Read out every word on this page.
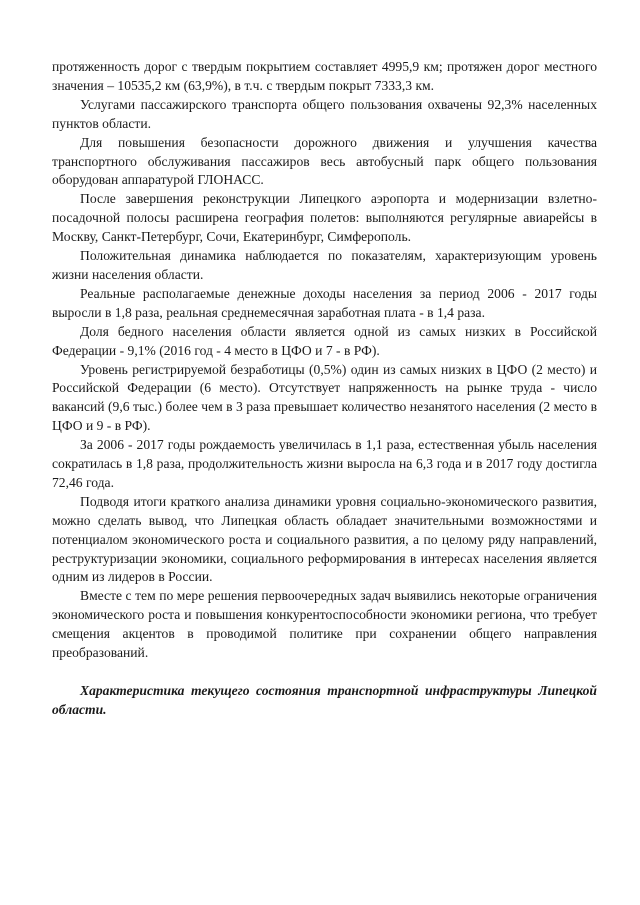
протяженность дорог с твердым покрытием составляет 4995,9 км; протяжен дорог местного значения – 10535,2 км (63,9%), в т.ч. с твердым покрыт 7333,3 км.

Услугами пассажирского транспорта общего пользования охвачены 92,3% населенных пунктов области.

Для повышения безопасности дорожного движения и улучшения качества транспортного обслуживания пассажиров весь автобусный парк общего пользования оборудован аппаратурой ГЛОНАСС.

После завершения реконструкции Липецкого аэропорта и модернизации взлетно-посадочной полосы расширена география полетов: выполняются регулярные авиарейсы в Москву, Санкт-Петербург, Сочи, Екатеринбург, Симферополь.

Положительная динамика наблюдается по показателям, характеризующим уровень жизни населения области.

Реальные располагаемые денежные доходы населения за период 2006 - 2017 годы выросли в 1,8 раза, реальная среднемесячная заработная плата - в 1,4 раза.

Доля бедного населения области является одной из самых низких в Российской Федерации - 9,1% (2016 год - 4 место в ЦФО и 7 - в РФ).

Уровень регистрируемой безработицы (0,5%) один из самых низких в ЦФО (2 место) и Российской Федерации (6 место). Отсутствует напряженность на рынке труда - число вакансий (9,6 тыс.) более чем в 3 раза превышает количество незанятого населения (2 место в ЦФО и 9 - в РФ).

За 2006 - 2017 годы рождаемость увеличилась в 1,1 раза, естественная убыль населения сократилась в 1,8 раза, продолжительность жизни выросла на 6,3 года и в 2017 году достигла 72,46 года.

Подводя итоги краткого анализа динамики уровня социально-экономического развития, можно сделать вывод, что Липецкая область обладает значительными возможностями и потенциалом экономического роста и социального развития, а по целому ряду направлений, реструктуризации экономики, социального реформирования в интересах населения является одним из лидеров в России.

Вместе с тем по мере решения первоочередных задач выявились некоторые ограничения экономического роста и повышения конкурентоспособности экономики региона, что требует смещения акцентов в проводимой политике при сохранении общего направления преобразований.

Характеристика текущего состояния транспортной инфраструктуры Липецкой области.
